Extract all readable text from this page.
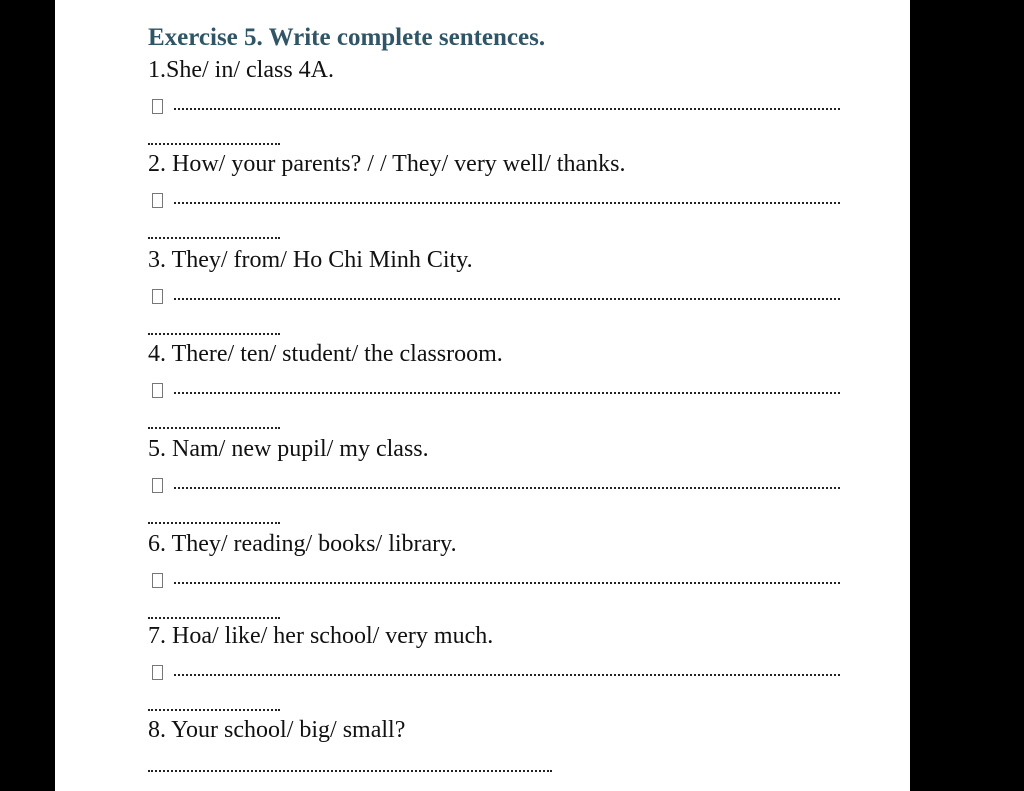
Exercise 5. Write complete sentences.
1.She/ in/ class 4A.
2. How/ your parents? / / They/ very well/ thanks.
3. They/ from/ Ho Chi Minh City.
4. There/ ten/ student/ the classroom.
5. Nam/ new pupil/ my class.
6. They/ reading/ books/ library.
7. Hoa/ like/ her school/ very much.
8. Your school/ big/ small?
